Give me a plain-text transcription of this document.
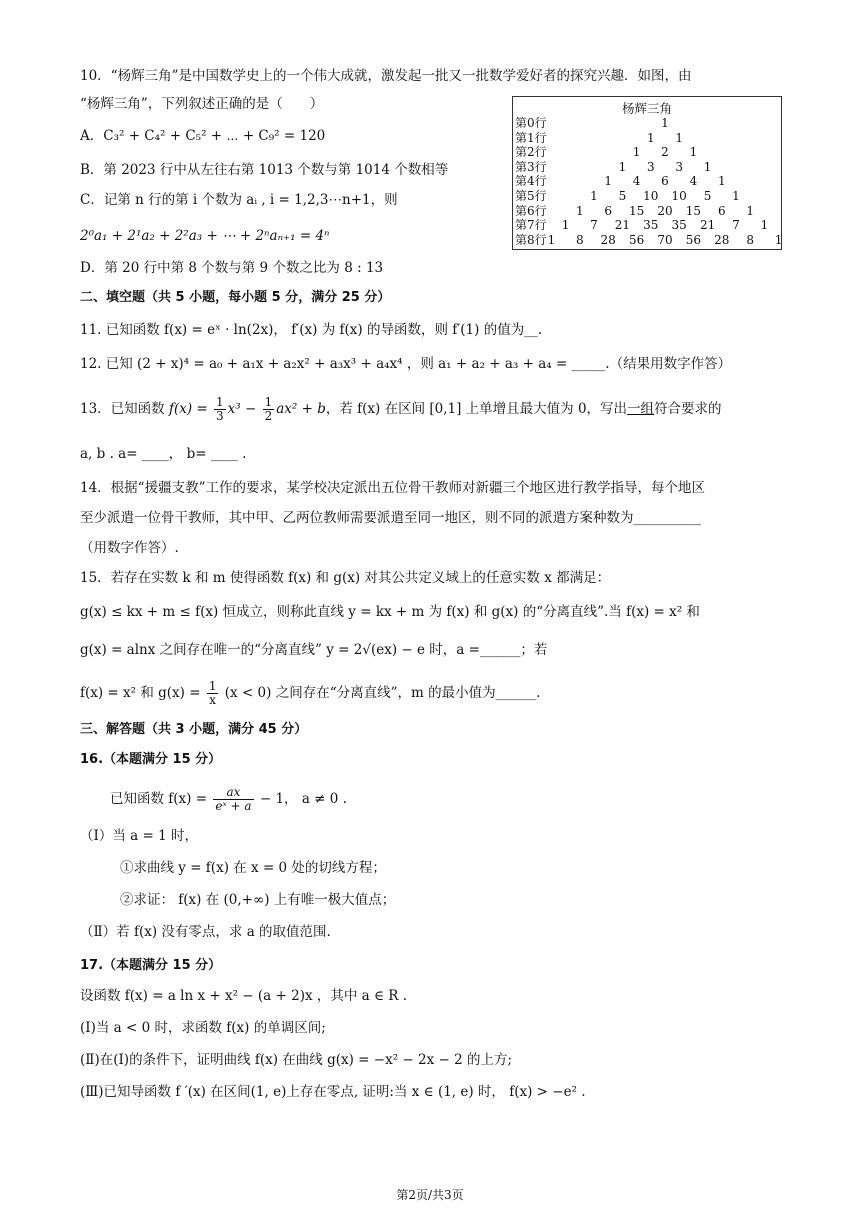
10．“杨辉三角”是中国数学史上的一个伟大成就，激发起一批又一批数学爱好者的探究兴趣．如图，由
“杨辉三角”，下列叙述正确的是（　　）
A．C₃² + C₄² + C₅² + ⋯ + C₉² = 120
B．第 2023 行中从左往右第 1013 个数与第 1014 个数相等
C．记第 n 行的第 i 个数为 aᵢ , i = 1,2,3⋯n+1，则
2⁰a₁ + 2¹a₂ + 2²a₃ + ⋯ + 2ⁿaₙ₊₁ = 4ⁿ
D．第 20 行中第 8 个数与第 9 个数之比为 8 : 13
杨辉三角
第0行	1
第1行	1 1
第2行	1 2 1
第3行	1 3 3 1
第4行	1 4 6 4 1
第5行	1 5 10 10 5 1
第6行 1 6 15 20 15 6 1
第7行 1 7 21 35 35 21 7 1
第8行 1 8 28 56 70 56 28 8 1
二、填空题（共 5 小题，每小题 5 分，满分 25 分）
11. 已知函数 f(x) = eˣ · ln(2x)， f′(x) 为 f(x) 的导函数，则 f′(1) 的值为__.
12. 已知 (2 + x)⁴ = a₀ + a₁x + a₂x² + a₃x³ + a₄x⁴ ，则 a₁ + a₂ + a₃ + a₄ = _____.（结果用数字作答）
13．已知函数 $f(x) = \frac{1}{3} x^3 - \frac{1}{2} ax^2 + b$，若 f(x) 在区间 [0,1] 上单增且最大值为 0，写出一组符合要求的
a, b . a= ____， b= ____ .
14．根据“援疆支教”工作的要求，某学校决定派出五位骨干教师对新疆三个地区进行教学指导，每个地区
至少派遣一位骨干教师，其中甲、乙两位教师需要派遣至同一地区，则不同的派遣方案种数为__________
（用数字作答）.
15．若存在实数 k 和 m 使得函数 f(x) 和 g(x) 对其公共定义域上的任意实数 x 都满足：
g(x) ≤ kx + m ≤ f(x) 恒成立，则称此直线 y = kx + m 为 f(x) 和 g(x) 的“分离直线”.当 f(x) = x² 和
g(x) = alnx 之间存在唯一的“分离直线” y = 2√(ex) − e 时，a =______；若
f(x) = x² 和 $g(x) = \frac{1}{x} (x < 0)$ 之间存在“分离直线”，m 的最小值为______.
三、解答题（共 3 小题，满分 45 分）
16.（本题满分 15 分）
已知函数 $f(x) = \frac{ax}{\text{eˣ + a}} - 1$， a ≠ 0 .
（Ⅰ）当 a = 1 时，
①求曲线 y = f(x) 在 x = 0 处的切线方程；
②求证： f(x) 在 (0,+∞) 上有唯一极大值点；
（Ⅱ）若 f(x) 没有零点，求 a 的取值范围.
17.（本题满分 15 分）
设函数 f(x) = a ln x + x² − (a + 2)x ，其中 a ∈ R .
(Ⅰ)当 a < 0 时，求函数 f(x) 的单调区间;
(Ⅱ)在(Ⅰ)的条件下，证明曲线 f(x) 在曲线 g(x) = −x² − 2x − 2 的上方;
(Ⅲ)已知导函数 f ′(x) 在区间(1, e)上存在零点, 证明:当 x ∈ (1, e) 时， f(x) > −e² .
第2页/共3页
